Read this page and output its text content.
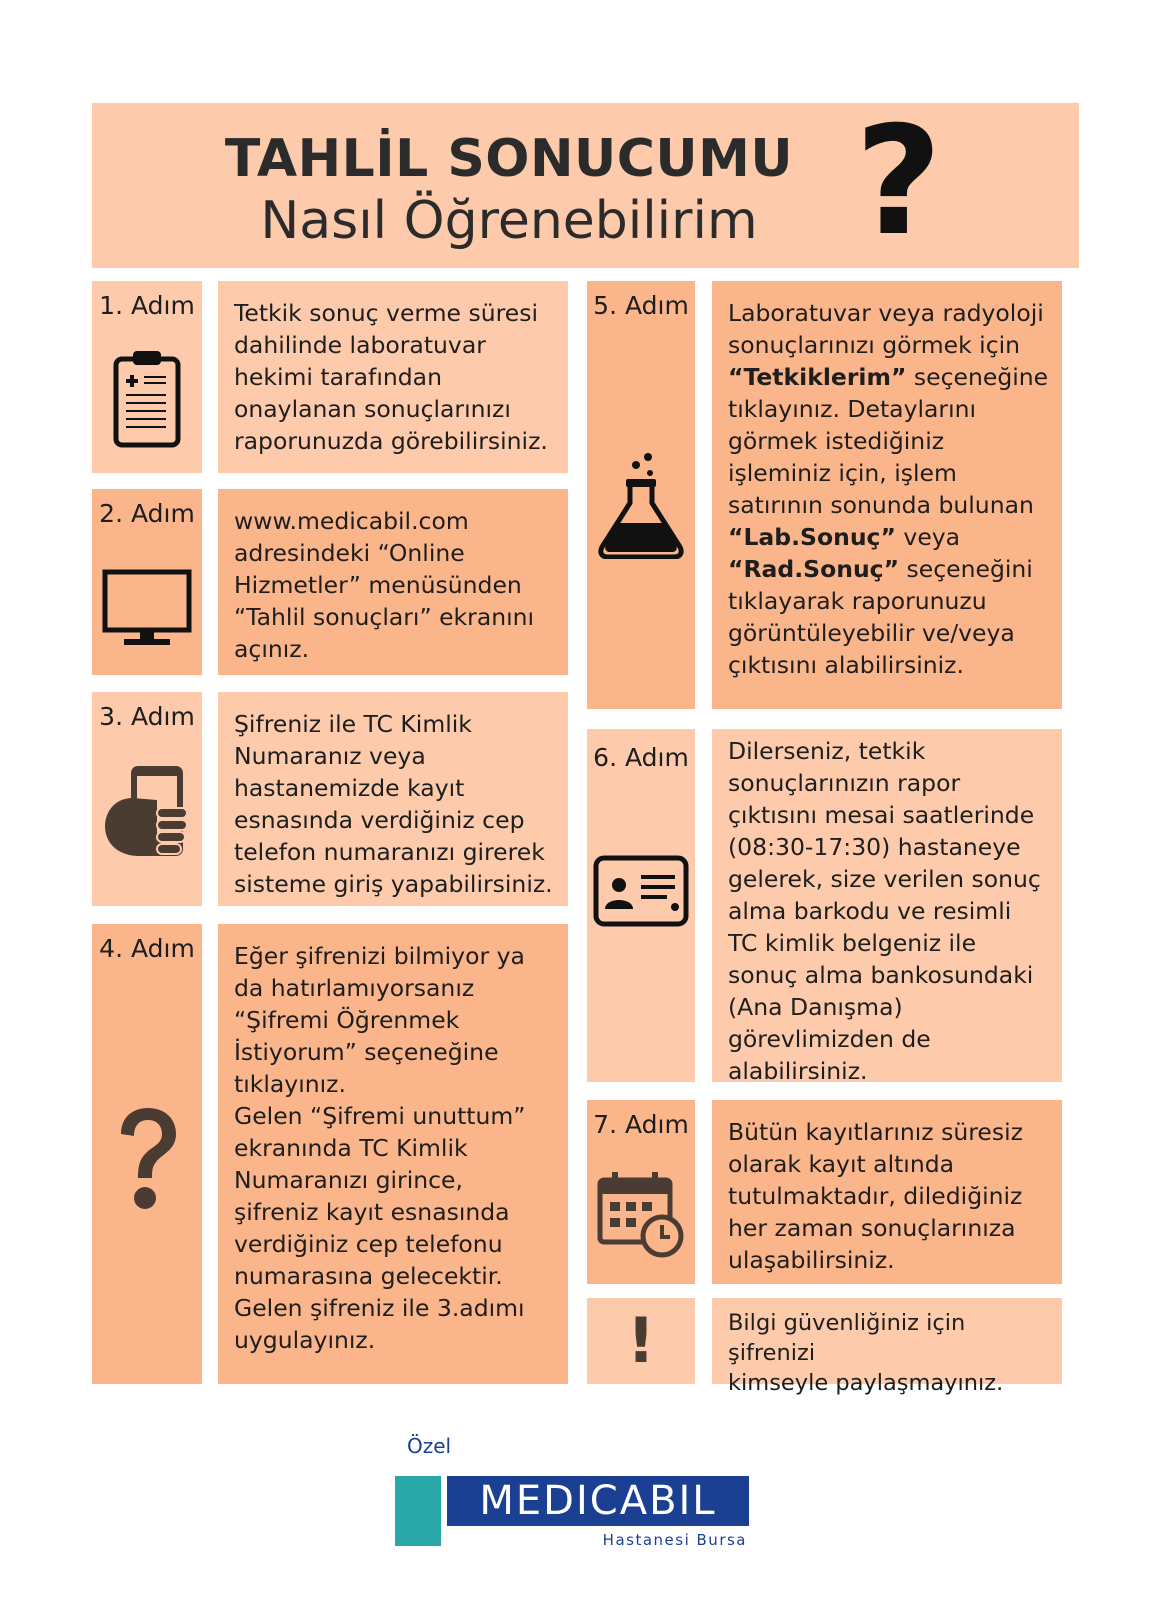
TAHLİL SONUCUMU
Nasıl Öğrenebilirim ?
1. Adım	Tetkik sonuç verme süresi
dahilinde laboratuvar
hekimi tarafından
onaylanan sonuçlarınızı
raporunuzda görebilirsiniz.
2. Adım	www.medicabil.com
adresindeki “Online
Hizmetler” menüsünden
“Tahlil sonuçları” ekranını
açınız.
3. Adım	Şifreniz ile TC Kimlik
Numaranız veya
hastanemizde kayıt
esnasında verdiğiniz cep
telefon numaranızı girerek
sisteme giriş yapabilirsiniz.
4. Adım	Eğer şifrenizi bilmiyor ya
da hatırlamıyorsanız
“Şifremi Öğrenmek
İstiyorum” seçeneğine
tıklayınız.
Gelen “Şifremi unuttum”
ekranında TC Kimlik
Numaranızı girince,
şifreniz kayıt esnasında
verdiğiniz cep telefonu
numarasına gelecektir.
Gelen şifreniz ile 3.adımı
uygulayınız.
5. Adım	Laboratuvar veya radyoloji
sonuçlarınızı görmek için
“Tetkiklerim” seçeneğine
tıklayınız. Detaylarını
görmek istediğiniz
işleminiz için, işlem
satırının sonunda bulunan
“Lab.Sonuç” veya
“Rad.Sonuç” seçeneğini
tıklayarak raporunuzu
görüntüleyebilir ve/veya
çıktısını alabilirsiniz.
6. Adım	Dilerseniz, tetkik
sonuçlarınızın rapor
çıktısını mesai saatlerinde
(08:30-17:30) hastaneye
gelerek, size verilen sonuç
alma barkodu ve resimli
TC kimlik belgeniz ile
sonuç alma bankosundaki
(Ana Danışma)
görevlimizden de
alabilirsiniz.
7. Adım	Bütün kayıtlarınız süresiz
olarak kayıt altında
tutulmaktadır, dilediğiniz
her zaman sonuçlarınıza
ulaşabilirsiniz.
!	Bilgi güvenliğiniz için şifrenizi
kimseyle paylaşmayınız.
Özel
MEDICABIL
Hastanesi Bursa
